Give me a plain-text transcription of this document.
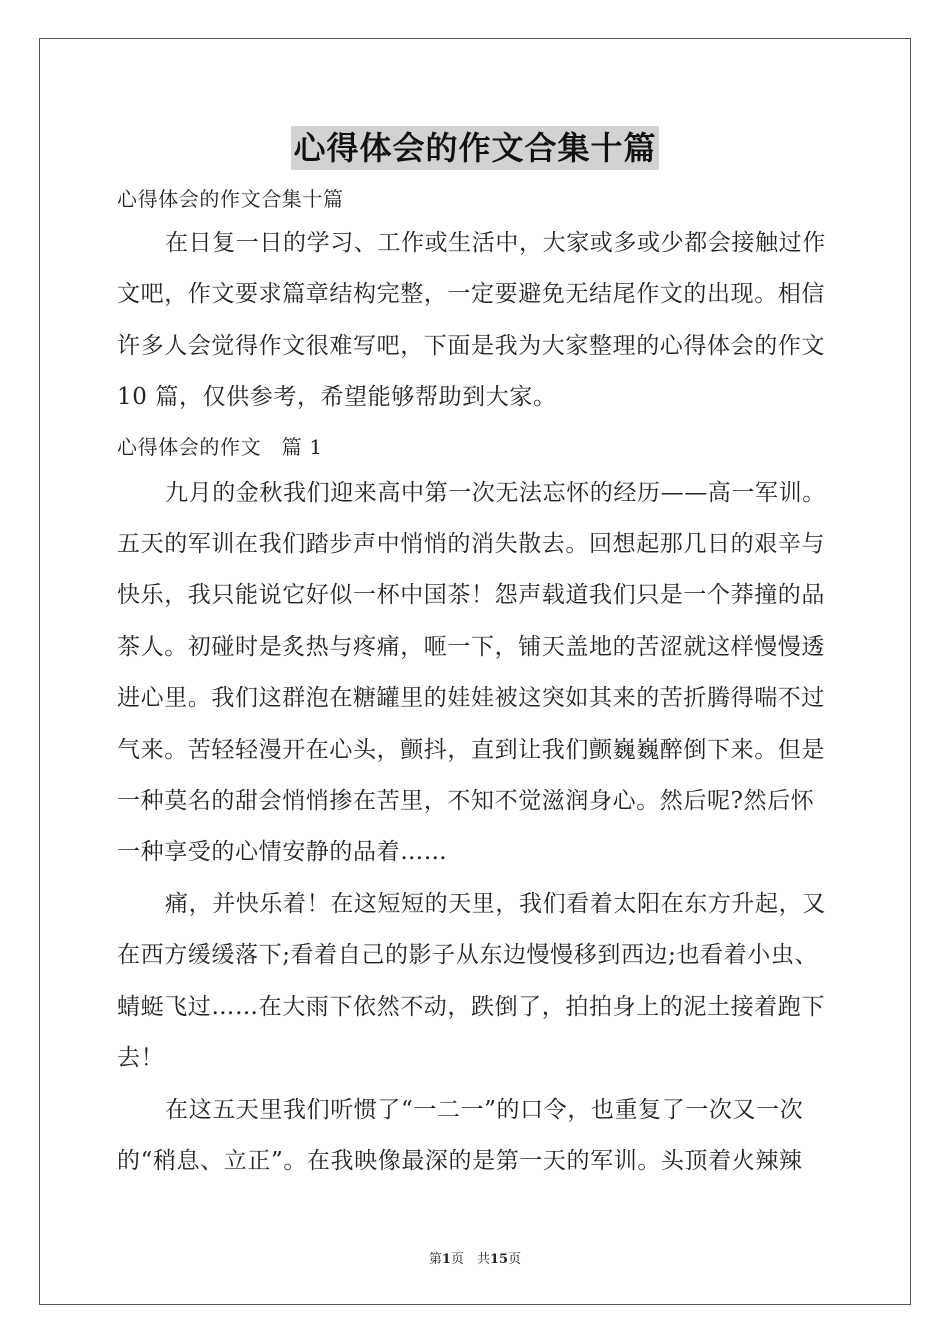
心得体会的作文合集十篇
心得体会的作文合集十篇
在日复一日的学习、工作或生活中，大家或多或少都会接触过作
文吧，作文要求篇章结构完整，一定要避免无结尾作文的出现。相信
许多人会觉得作文很难写吧，下面是我为大家整理的心得体会的作文
10 篇，仅供参考，希望能够帮助到大家。
心得体会的作文　篇 1
九月的金秋我们迎来高中第一次无法忘怀的经历——高一军训。
五天的军训在我们踏步声中悄悄的消失散去。回想起那几日的艰辛与
快乐，我只能说它好似一杯中国茶！怨声载道我们只是一个莽撞的品
茶人。初碰时是炙热与疼痛，咂一下，铺天盖地的苦涩就这样慢慢透
进心里。我们这群泡在糖罐里的娃娃被这突如其来的苦折腾得喘不过
气来。苦轻轻漫开在心头，颤抖，直到让我们颤巍巍醉倒下来。但是
一种莫名的甜会悄悄掺在苦里，不知不觉滋润身心。然后呢?然后怀
一种享受的心情安静的品着……
痛，并快乐着！在这短短的天里，我们看着太阳在东方升起，又
在西方缓缓落下;看着自己的影子从东边慢慢移到西边;也看着小虫、
蜻蜓飞过……在大雨下依然不动，跌倒了，拍拍身上的泥土接着跑下
去！
在这五天里我们听惯了“一二一”的口令，也重复了一次又一次
的“稍息、立正”。在我映像最深的是第一天的军训。头顶着火辣辣
第1页　共15页
